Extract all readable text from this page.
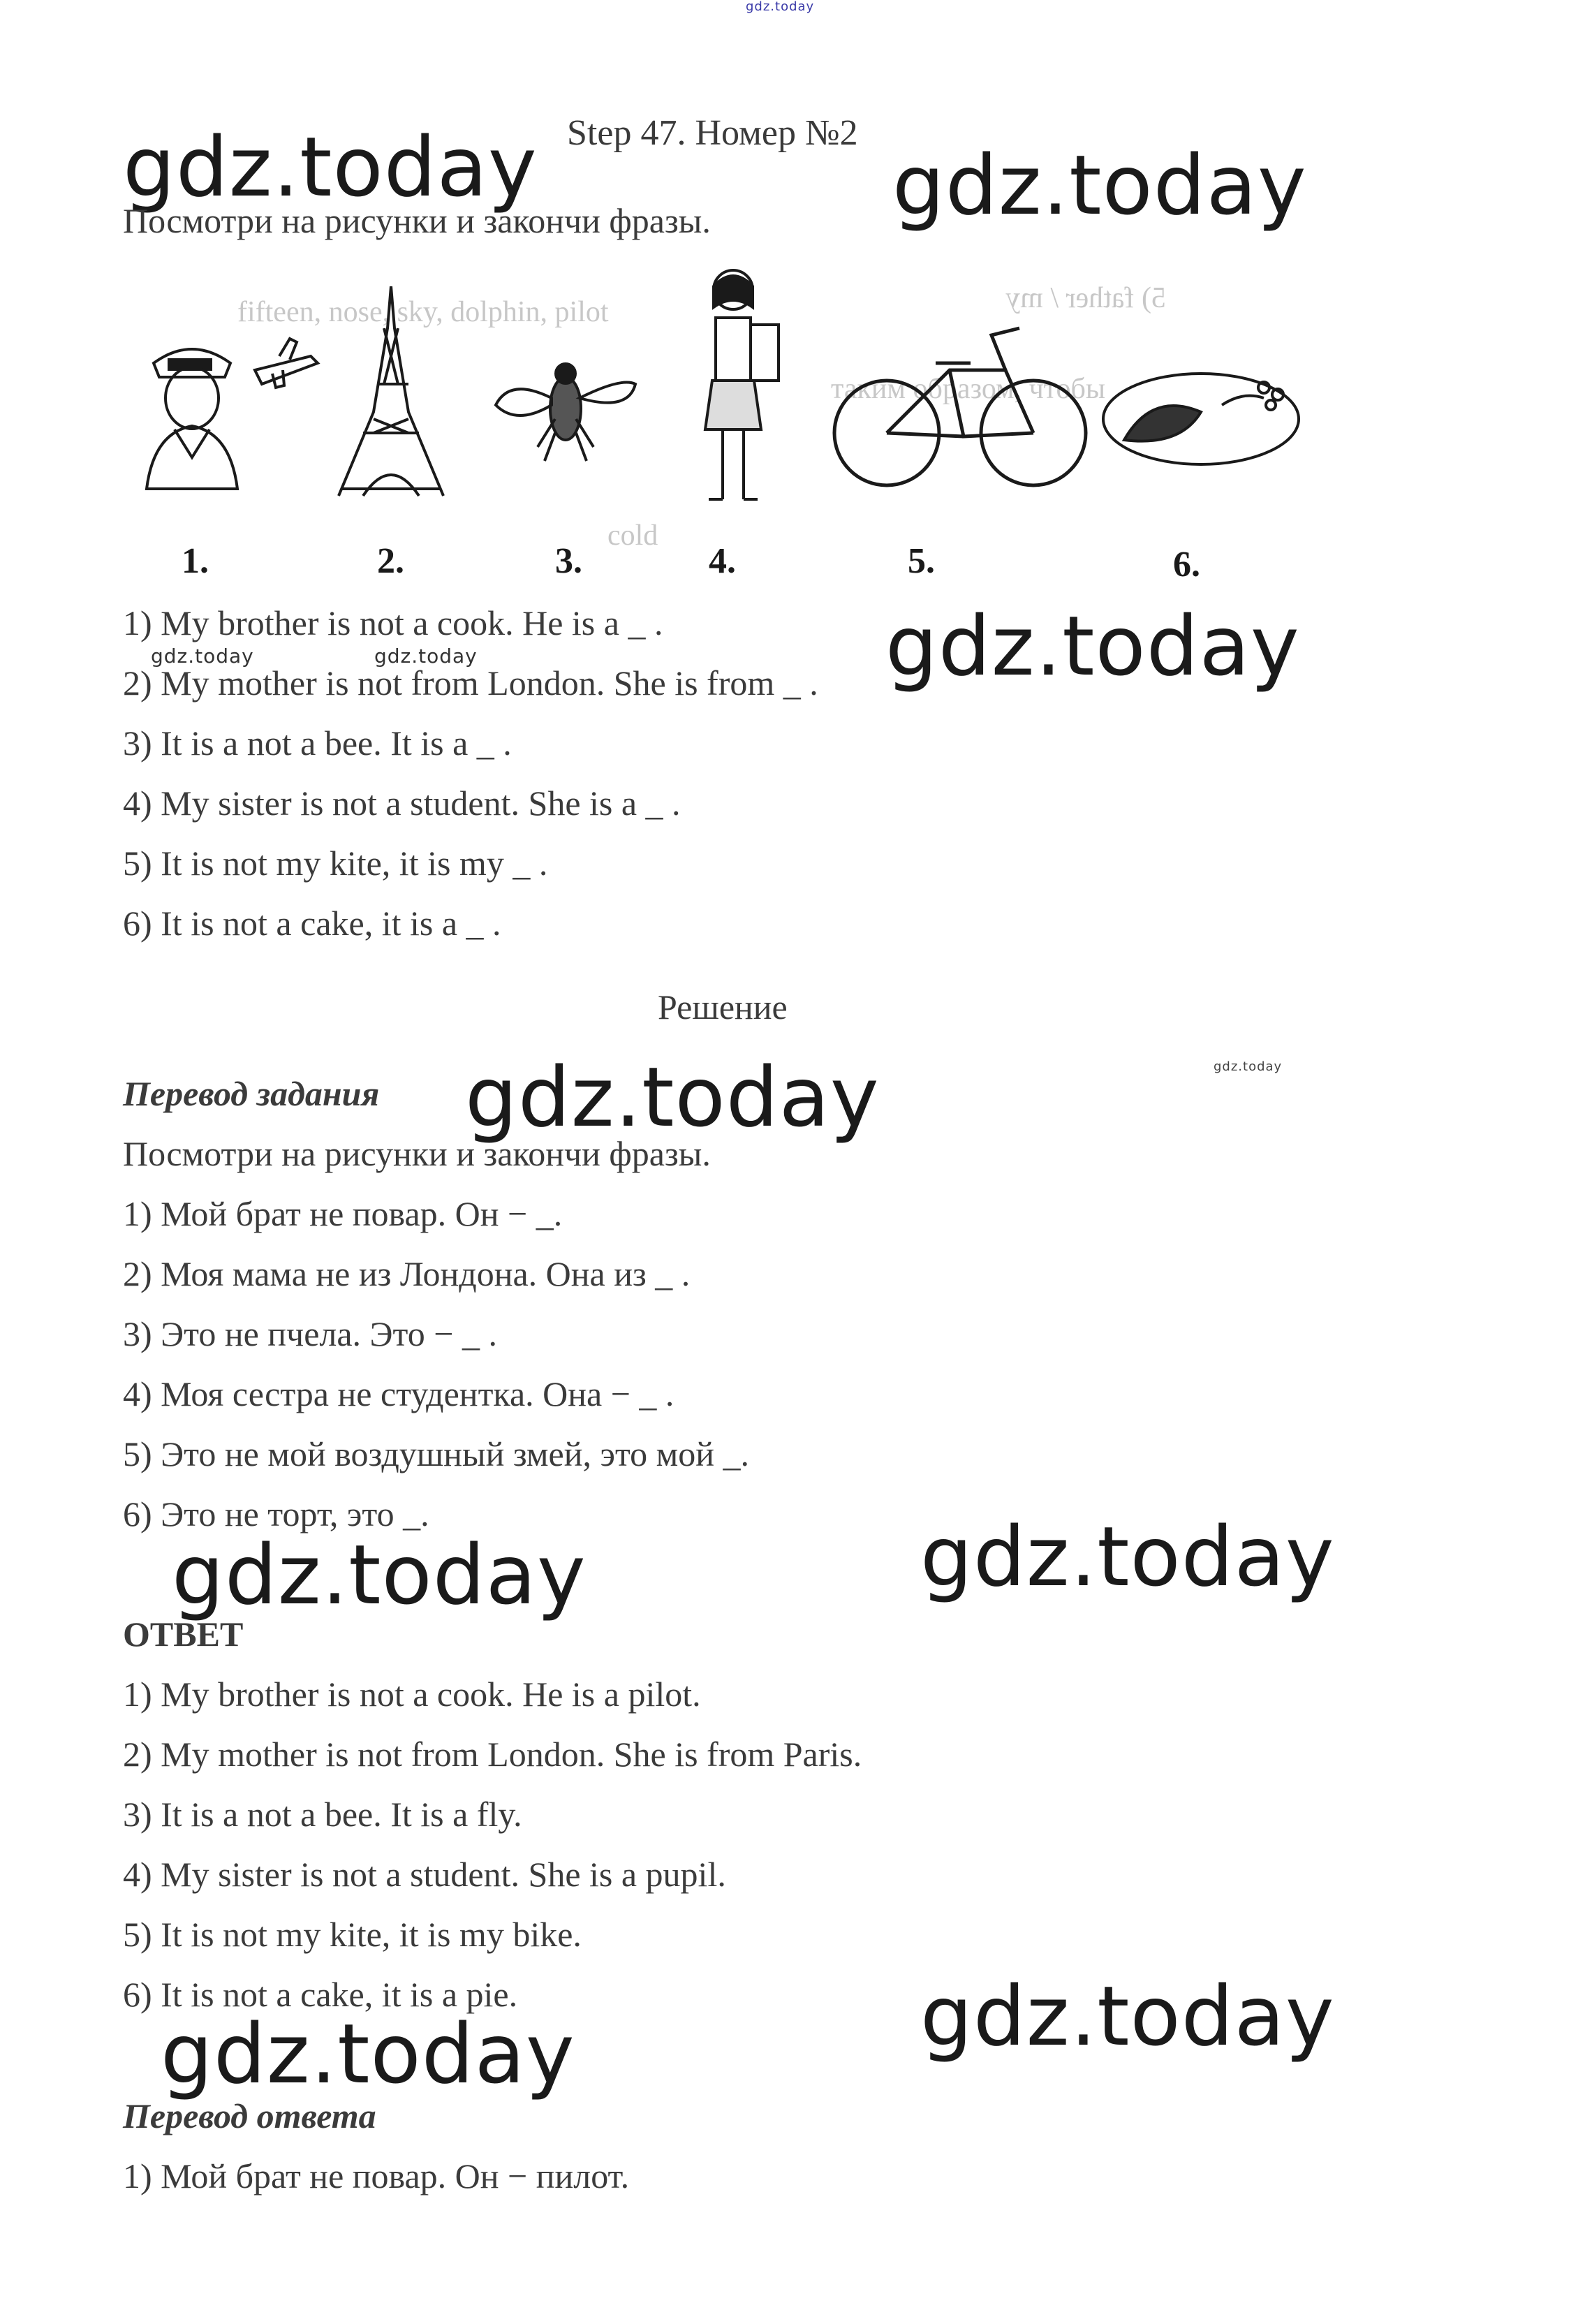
gdz.today
Step 47. Номер №2
gdz.today	gdz.today
Посмотри на рисунки и закончи фразы.
fifteen, nose, sky, dolphin, pilot	5) father / my
таким образом, чтобы
cold
1.	2.	3.	4.	5.	6.
1) My brother is not a cook. He is a _ .
2) My mother is not from London. She is from _ .
3) It is a not a bee. It is a _ .
4) My sister is not a student. She is a _ .
5) It is not my kite, it is my _ .
6) It is not a cake, it is a _ .
gdz.today	gdz.today	gdz.today
Решение
gdz.today
Перевод задания gdz.today
Посмотри на рисунки и закончи фразы.
1) Мой брат не повар. Он − _.
2) Моя мама не из Лондона. Она из _ .
3) Это не пчела. Это − _ .
4) Моя сестра не студентка. Она − _ .
5) Это не мой воздушный змей, это мой _.
6) Это не торт, это _.	gdz.today
gdz.today
ОТВЕТ
1) My brother is not a cook. He is a pilot.
2) My mother is not from London. She is from Paris.
3) It is a not a bee. It is a fly.
4) My sister is not a student. She is a pupil.
5) It is not my kite, it is my bike.
6) It is not a cake, it is a pie.	gdz.today
gdz.today
Перевод ответа
1) Мой брат не повар. Он − пилот.
